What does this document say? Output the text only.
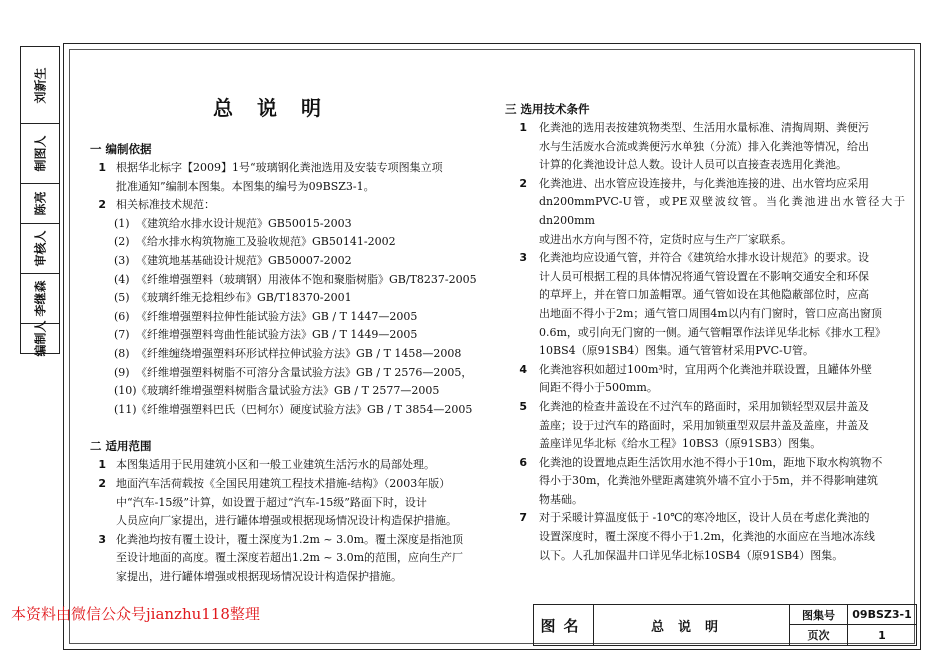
编制人
李继森
审核人
陈亮
制图人
刘新生
总说明
一 编制依据
1 根据华北标字【2009】1号“玻璃钢化粪池选用及安装专项图集立项
批准通知”编制本图集。本图集的编号为09BSZ3-1。
2 相关标准技术规范：
(1) 《建筑给水排水设计规范》GB50015-2003
(2) 《给水排水构筑物施工及验收规范》GB50141-2002
(3) 《建筑地基基础设计规范》GB50007-2002
(4) 《纤维增强塑料（玻璃钢）用液体不饱和聚脂树脂》GB/T8237-2005
(5) 《玻璃纤维无捻粗纱布》GB/T18370-2001
(6) 《纤维增强塑料拉伸性能试验方法》GB / T 1447—2005
(7) 《纤维增强塑料弯曲性能试验方法》GB / T 1449—2005
(8) 《纤维缠绕增强塑料环形试样拉伸试验方法》GB / T 1458—2008
(9) 《纤维增强塑料树脂不可溶分含量试验方法》GB / T 2576—2005，
(10)《玻璃纤维增强塑料树脂含量试验方法》GB / T 2577—2005
(11)《纤维增强塑料巴氏（巴柯尔）硬度试验方法》GB / T 3854—2005
二 适用范围
1 本图集适用于民用建筑小区和一般工业建筑生活污水的局部处理。
2 地面汽车活荷载按《全国民用建筑工程技术措施-结构》（2003年版）
中“汽车-15级”计算，如设置于超过“汽车-15级”路面下时，设计
人员应向厂家提出，进行罐体增强或根据现场情况设计构造保护措施。
3 化粪池均按有覆土设计，覆土深度为1.2m ~ 3.0m。覆土深度是指池顶
至设计地面的高度。覆土深度若超出1.2m ~ 3.0m的范围，应向生产厂
家提出，进行罐体增强或根据现场情况设计构造保护措施。
三 选用技术条件
1	化粪池的选用表按建筑物类型、生活用水量标准、清掏周期、粪便污
水与生活废水合流或粪便污水单独（分流）排入化粪池等情况，给出
计算的化粪池设计总人数。设计人员可以直接查表选用化粪池。
2	化粪池进、出水管应设连接井，与化粪池连接的进、出水管均应采用
dn200mmPVC-U管，或PE双壁波纹管。当化粪池进出水管径大于dn200mm
或进出水方向与图不符，定货时应与生产厂家联系。
3	化粪池均应设通气管，并符合《建筑给水排水设计规范》的要求。设
计人员可根据工程的具体情况将通气管设置在不影响交通安全和环保
的草坪上，并在管口加盖帽罩。通气管如设在其他隐蔽部位时，应高
出地面不得小于2m；通气管口周围4m以内有门窗时，管口应高出窗顶
0.6m，或引向无门窗的一侧。通气管帽罩作法详见华北标《排水工程》
10BS4（原91SB4）图集。通气管管材采用PVC-U管。
4	化粪池容积如超过100m³时，宜用两个化粪池并联设置，且罐体外壁
间距不得小于500mm。
5	化粪池的检查井盖设在不过汽车的路面时，采用加锁轻型双层井盖及
盖座；设于过汽车的路面时，采用加锁重型双层井盖及盖座，井盖及
盖座详见华北标《给水工程》10BS3（原91SB3）图集。
6	化粪池的设置地点距生活饮用水池不得小于10m，距地下取水构筑物不
得小于30m，化粪池外壁距离建筑外墙不宜小于5m，并不得影响建筑
物基础。
7	对于采暖计算温度低于 -10℃的寒冷地区，设计人员在考虑化粪池的
设置深度时，覆土深度不得小于1.2m，化粪池的水面应在当地冰冻线
以下。人孔加保温井口详见华北标10SB4（原91SB4）图集。
图名	总说明
图集号	09BSZ3-1
页次	1
本资料由微信公众号jianzhu118整理
